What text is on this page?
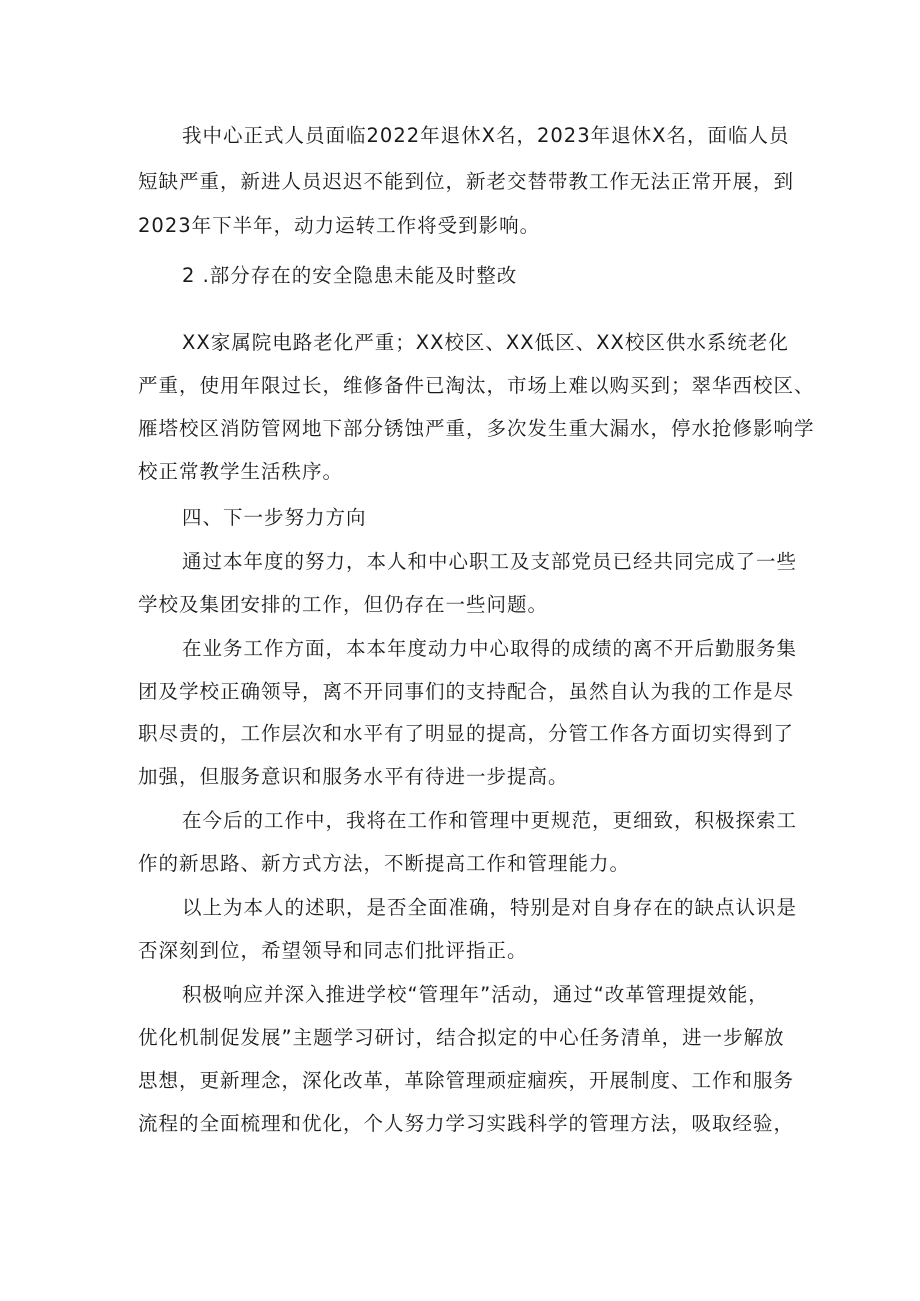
我中心正式人员面临2022年退休X名，2023年退休X名，面临人员

短缺严重，新进人员迟迟不能到位，新老交替带教工作无法正常开展，到

2023年下半年，动力运转工作将受到影响。

2 .部分存在的安全隐患未能及时整改

XX家属院电路老化严重；XX校区、XX低区、XX校区供水系统老化

严重，使用年限过长，维修备件已淘汰，市场上难以购买到；翠华西校区、

雁塔校区消防管网地下部分锈蚀严重，多次发生重大漏水，停水抢修影响学

校正常教学生活秩序。

四、下一步努力方向

通过本年度的努力，本人和中心职工及支部党员已经共同完成了一些

学校及集团安排的工作，但仍存在一些问题。

在业务工作方面，本本年度动力中心取得的成绩的离不开后勤服务集

团及学校正确领导，离不开同事们的支持配合，虽然自认为我的工作是尽

职尽责的，工作层次和水平有了明显的提高，分管工作各方面切实得到了

加强，但服务意识和服务水平有待进一步提高。

在今后的工作中，我将在工作和管理中更规范，更细致，积极探索工

作的新思路、新方式方法，不断提高工作和管理能力。

以上为本人的述职，是否全面准确，特别是对自身存在的缺点认识是

否深刻到位，希望领导和同志们批评指正。

积极响应并深入推进学校“管理年”活动，通过“改革管理提效能，

优化机制促发展”主题学习研讨，结合拟定的中心任务清单，进一步解放

思想，更新理念，深化改革，革除管理顽症痼疾，开展制度、工作和服务

流程的全面梳理和优化，个人努力学习实践科学的管理方法，吸取经验，
